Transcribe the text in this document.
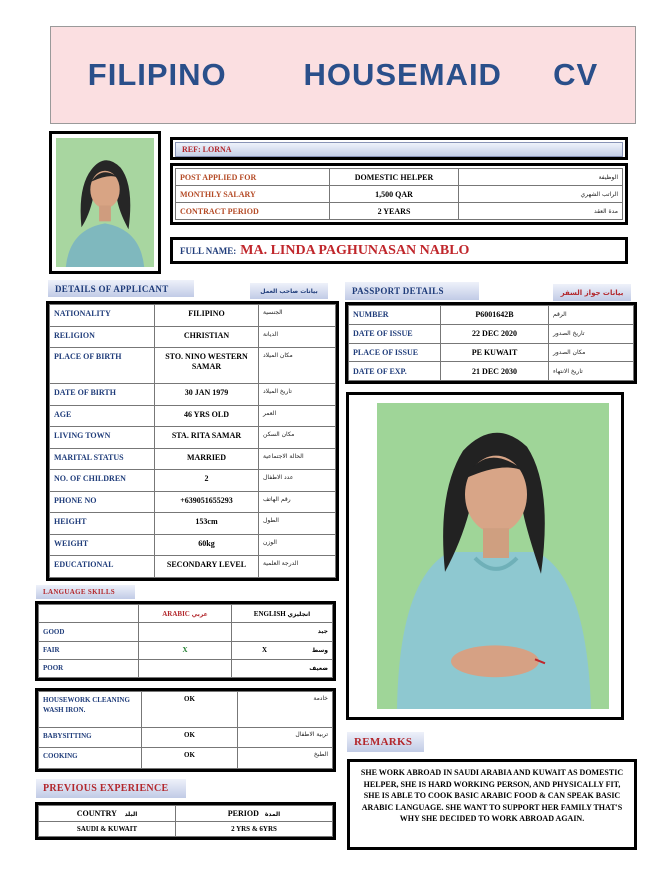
FILIPINO   HOUSEMAID  CV
REF: LORNA
POST APPLIED FOR	DOMESTIC HELPER	الوظيفة
MONTHLY SALARY	1,500 QAR	الراتب الشهري
CONTRACT PERIOD	2 YEARS	مدة العقد
FULL NAME: MA. LINDA PAGHUNASAN NABLO
DETAILS OF APPLICANT	بيانات صاحب العمل
NATIONALITY	FILIPINO	الجنسية
RELIGION	CHRISTIAN	الديانة
PLACE OF BIRTH	STO. NINO WESTERN SAMAR	مكان الميلاد
DATE OF BIRTH	30 JAN 1979	تاريخ الميلاد
AGE	46 YRS OLD	العمر
LIVING TOWN	STA. RITA SAMAR	مكان السكن
MARITAL STATUS	MARRIED	الحالة الاجتماعية
NO. OF CHILDREN	2	عدد الاطفال
PHONE NO	+639051655293	رقم الهاتف
HEIGHT	153cm	الطول
WEIGHT	60kg	الوزن
EDUCATIONAL	SECONDARY LEVEL	الدرجة العلمية
PASSPORT DETAILS	بيانات جواز السفر
NUMBER	P6001642B	الرقم
DATE OF ISSUE	22 DEC 2020	تاريخ الصدور
PLACE OF ISSUE	PE KUWAIT	مكان الصدور
DATE OF EXP.	21 DEC 2030	تاريخ الانتهاء
LANGUAGE SKILLS
	ARABIC عربي	ENGLISH انجليزي
GOOD		جيد

FAIR	X	X وسط

POOR		ضعيف
HOUSEWORK CLEANING WASH IRON.	OK	خادمة
BABYSITTING	OK	تربية الاطفال
COOKING	OK	الطبخ
PREVIOUS EXPERIENCE
COUNTRY البلد	PERIOD المدة
SAUDI & KUWAIT	2 YRS & 6YRS
REMARKS
SHE WORK ABROAD IN SAUDI ARABIA AND KUWAIT AS DOMESTIC HELPER, SHE IS HARD WORKING PERSON, AND PHYSICALLY FIT, SHE IS ABLE TO COOK BASIC ARABIC FOOD & CAN SPEAK BASIC ARABIC LANGUAGE. SHE WANT TO SUPPORT HER FAMILY THAT'S WHY SHE DECIDED TO WORK ABROAD AGAIN.
